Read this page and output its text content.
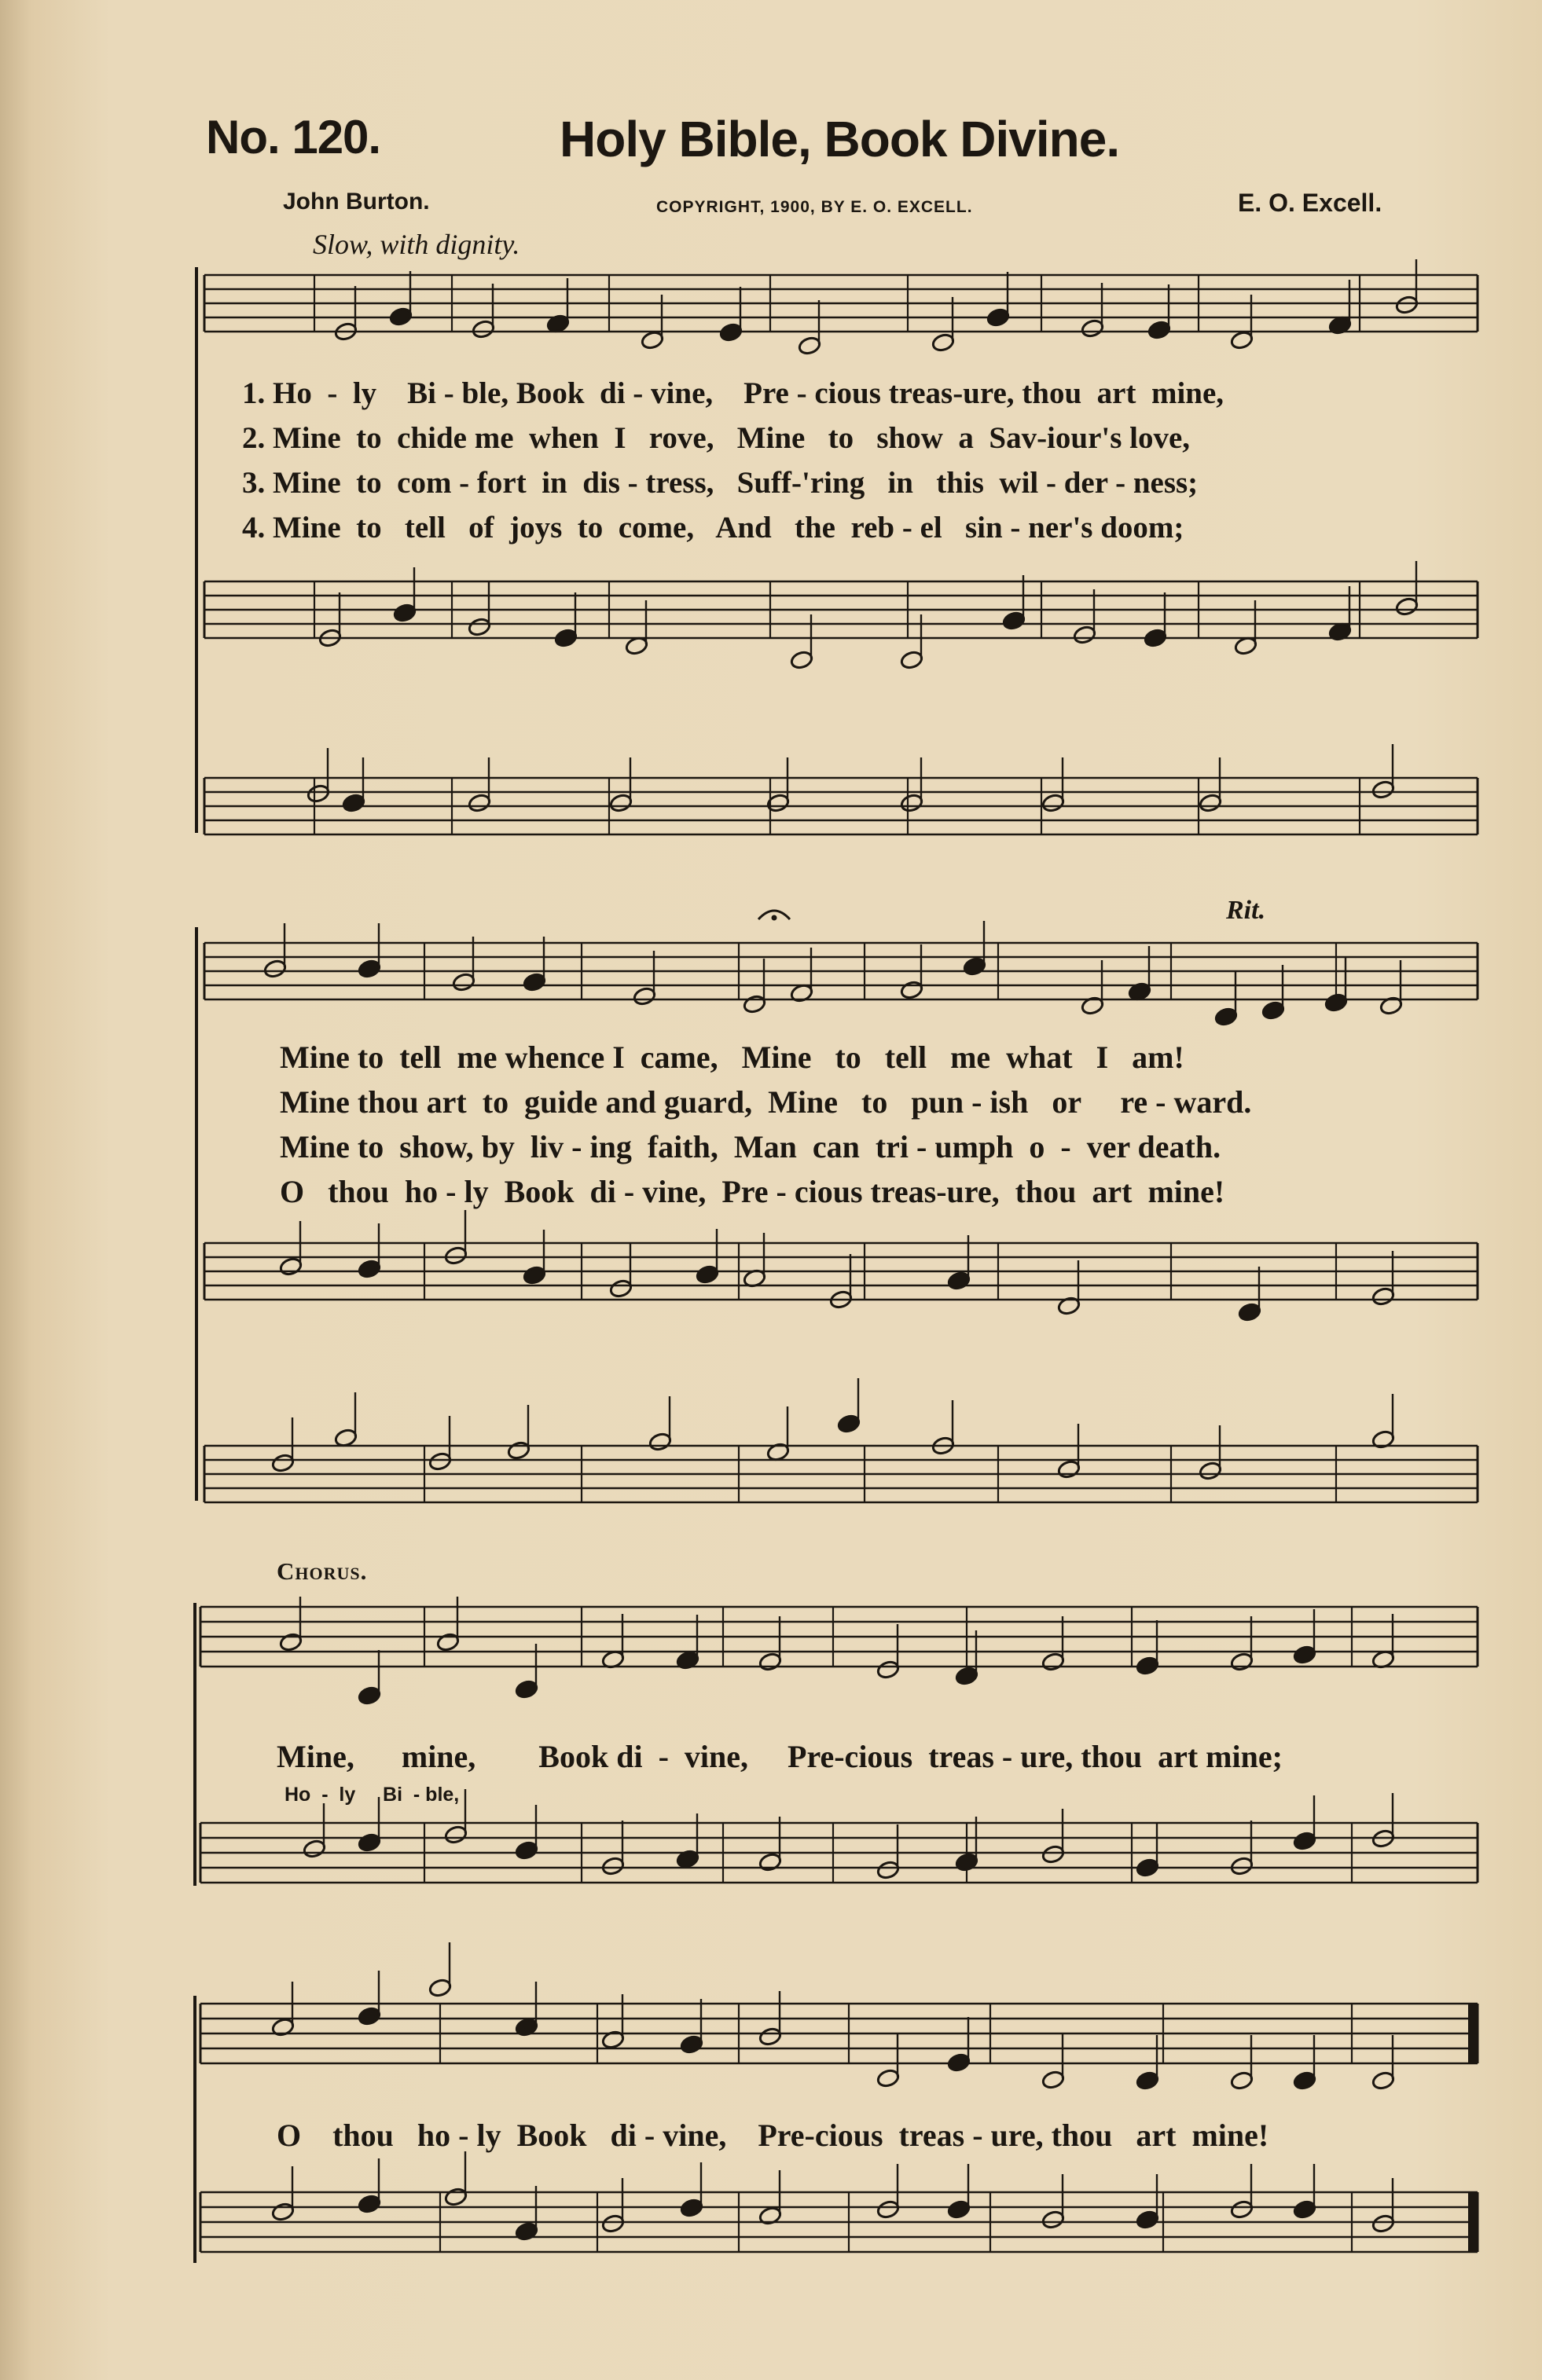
No. 120.	Holy Bible, Book Divine.
John Burton.	COPYRIGHT, 1900, BY E. O. EXCELL.	E. O. Excell.
Slow, with dignity.
Rit.
Chorus.
1. Ho  -  ly    Bi - ble, Book  di - vine,    Pre - cious treas-ure, thou  art  mine,
2. Mine  to  chide me  when  I   rove,   Mine   to   show  a  Sav-iour's love,
3. Mine  to  com - fort  in  dis - tress,   Suff-'ring   in   this  wil - der - ness;
4. Mine  to   tell   of  joys  to  come,   And   the  reb - el   sin - ner's doom;
Mine to  tell  me whence I  came,   Mine   to   tell   me  what   I   am!
Mine thou art  to  guide and guard,  Mine   to   pun - ish   or     re - ward.
Mine to  show, by  liv - ing  faith,  Man  can  tri - umph  o  -  ver death.
O   thou  ho - ly  Book  di - vine,  Pre - cious treas-ure,  thou  art  mine!
Mine,      mine,        Book di  -  vine,     Pre-cious  treas - ure, thou  art mine;
Ho  -  ly     Bi  - ble,
O    thou   ho - ly  Book   di - vine,    Pre-cious  treas - ure, thou   art  mine!
